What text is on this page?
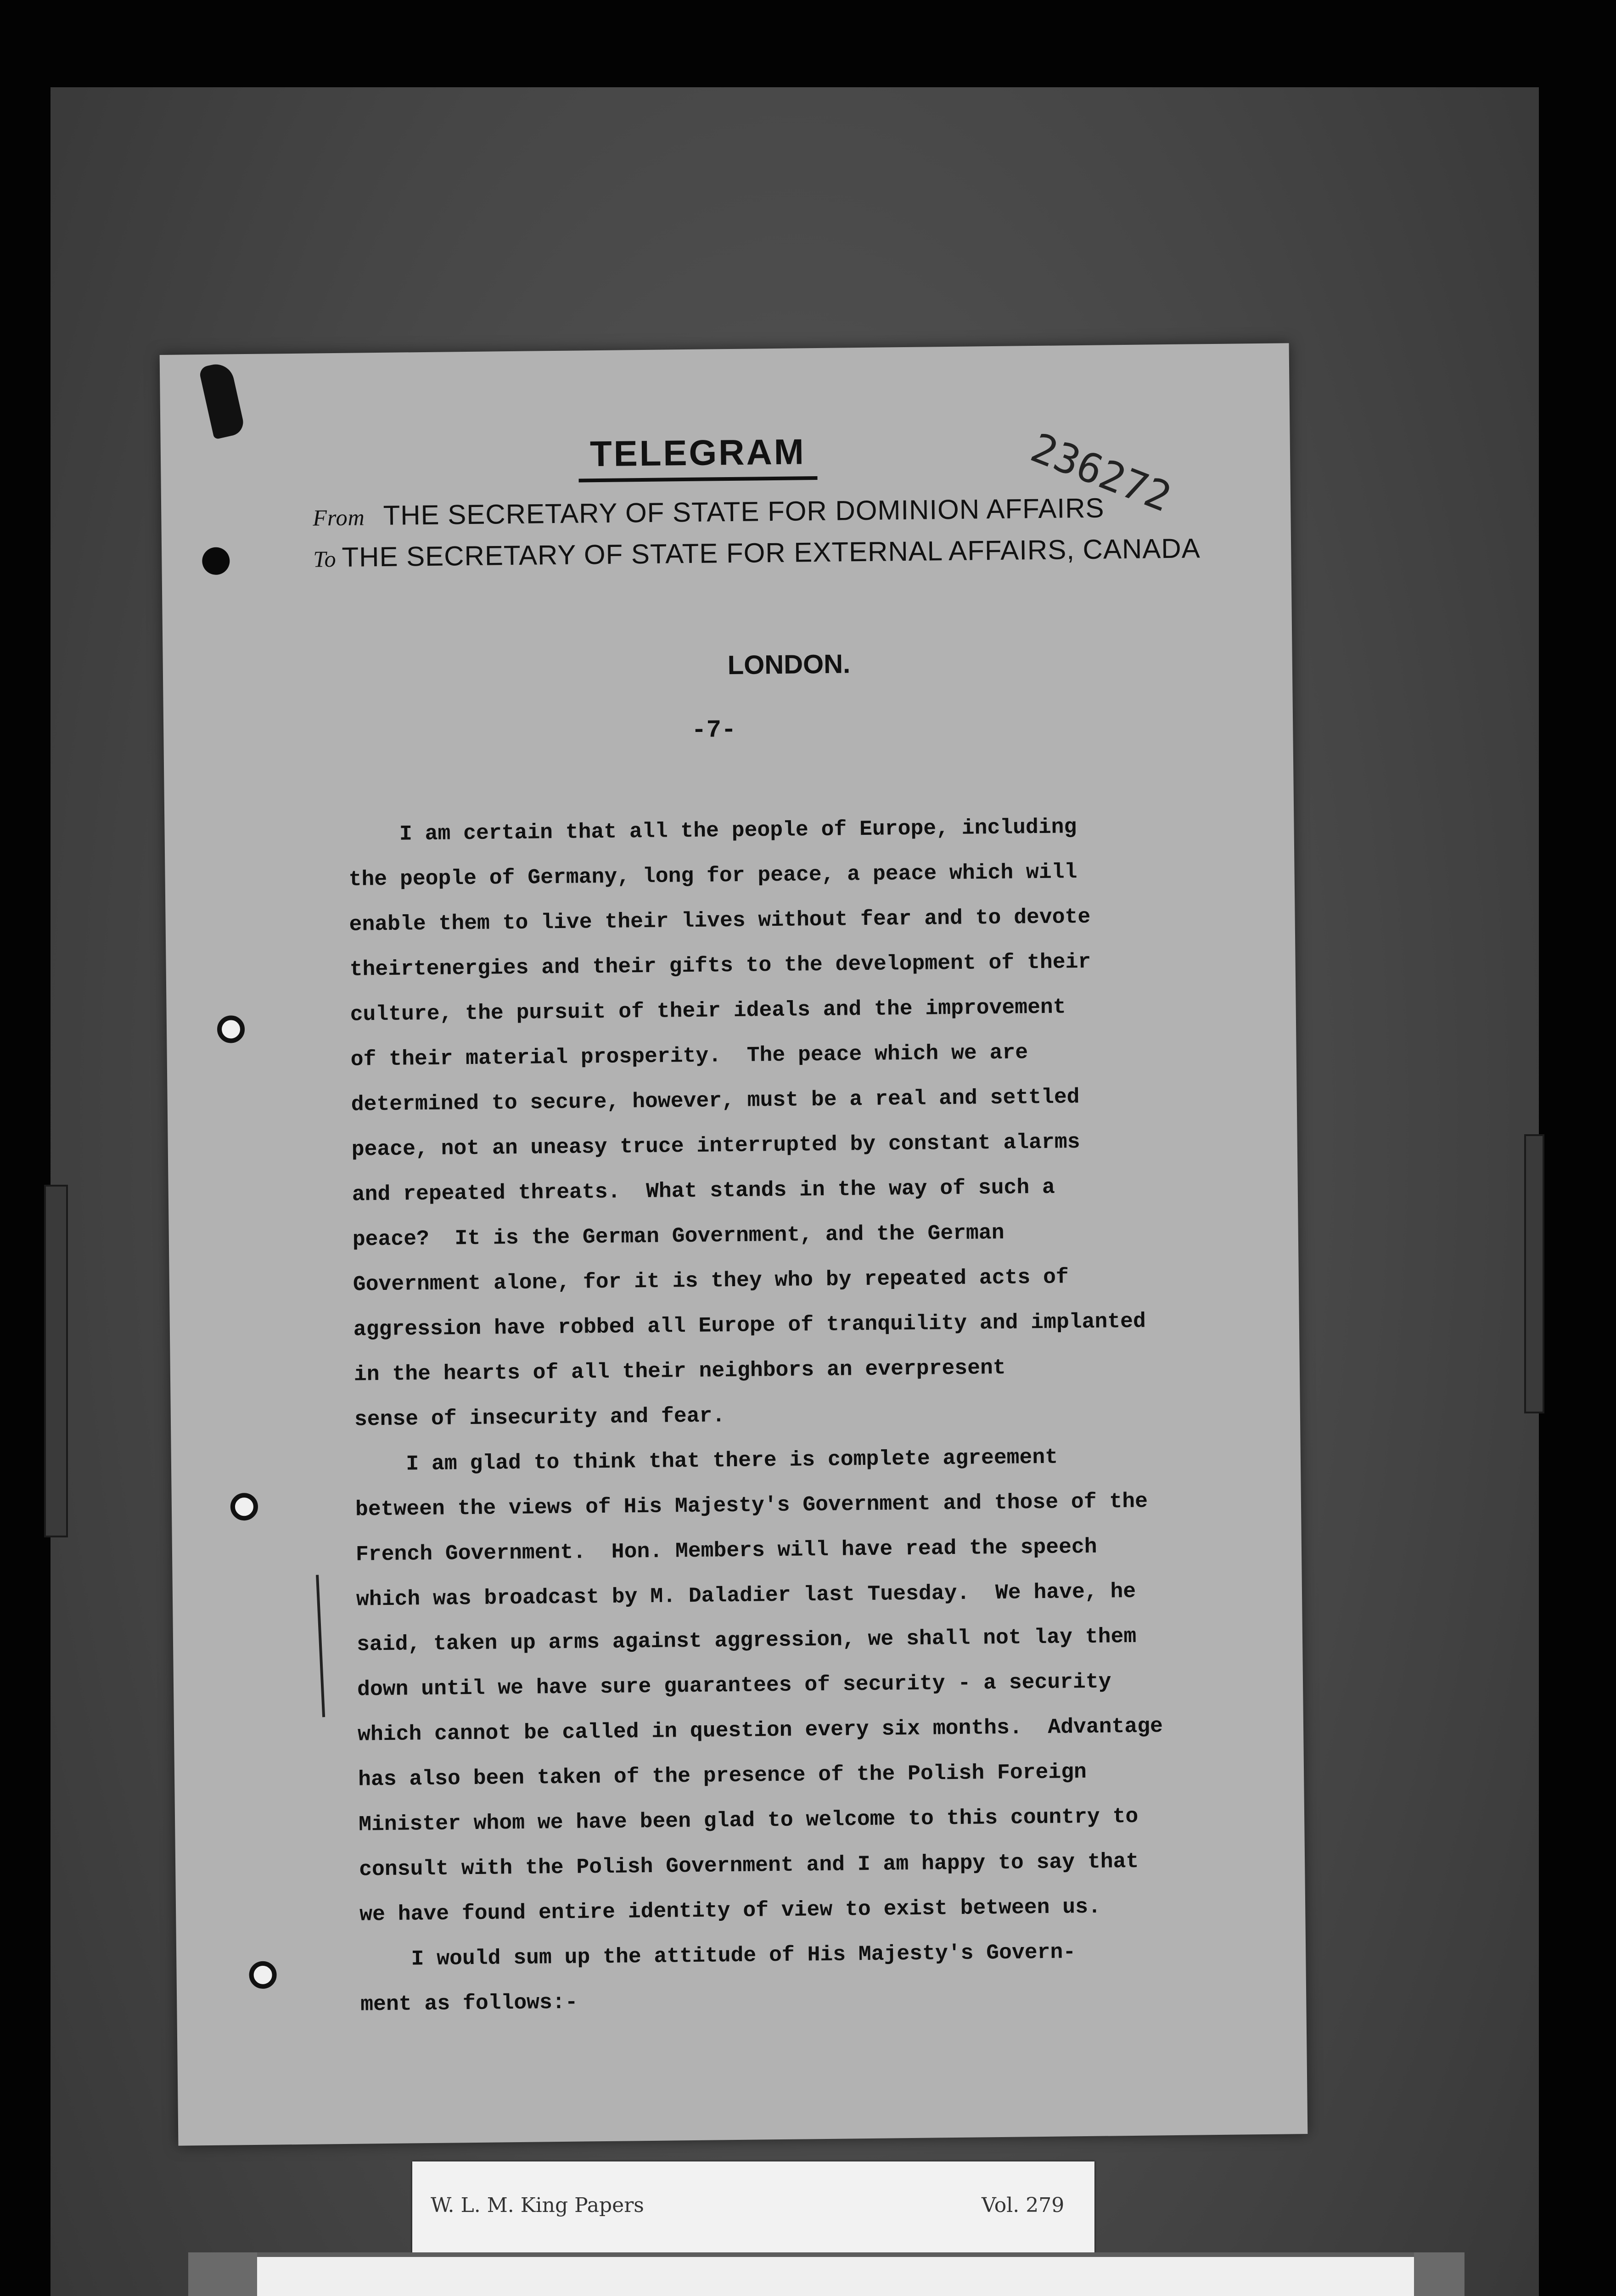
TELEGRAM	236272
From THE SECRETARY OF STATE FOR DOMINION AFFAIRS
To THE SECRETARY OF STATE FOR EXTERNAL AFFAIRS, CANADA
LONDON.
-7-
I am certain that all the people of Europe, including
the people of Germany, long for peace, a peace which will
enable them to live their lives without fear and to devote
theirtenergies and their gifts to the development of their
culture, the pursuit of their ideals and the improvement
of their material prosperity.  The peace which we are
determined to secure, however, must be a real and settled
peace, not an uneasy truce interrupted by constant alarms
and repeated threats.  What stands in the way of such a
peace?  It is the German Government, and the German
Government alone, for it is they who by repeated acts of
aggression have robbed all Europe of tranquility and implanted
in the hearts of all their neighbors an everpresent
sense of insecurity and fear.
I am glad to think that there is complete agreement
between the views of His Majesty's Government and those of the
French Government.  Hon. Members will have read the speech
which was broadcast by M. Daladier last Tuesday.  We have, he
said, taken up arms against aggression, we shall not lay them
down until we have sure guarantees of security - a security
which cannot be called in question every six months.  Advantage
has also been taken of the presence of the Polish Foreign
Minister whom we have been glad to welcome to this country to
consult with the Polish Government and I am happy to say that
we have found entire identity of view to exist between us.
I would sum up the attitude of His Majesty's Govern-
ment as follows:-

W. L. M. King Papers	Vol. 279
